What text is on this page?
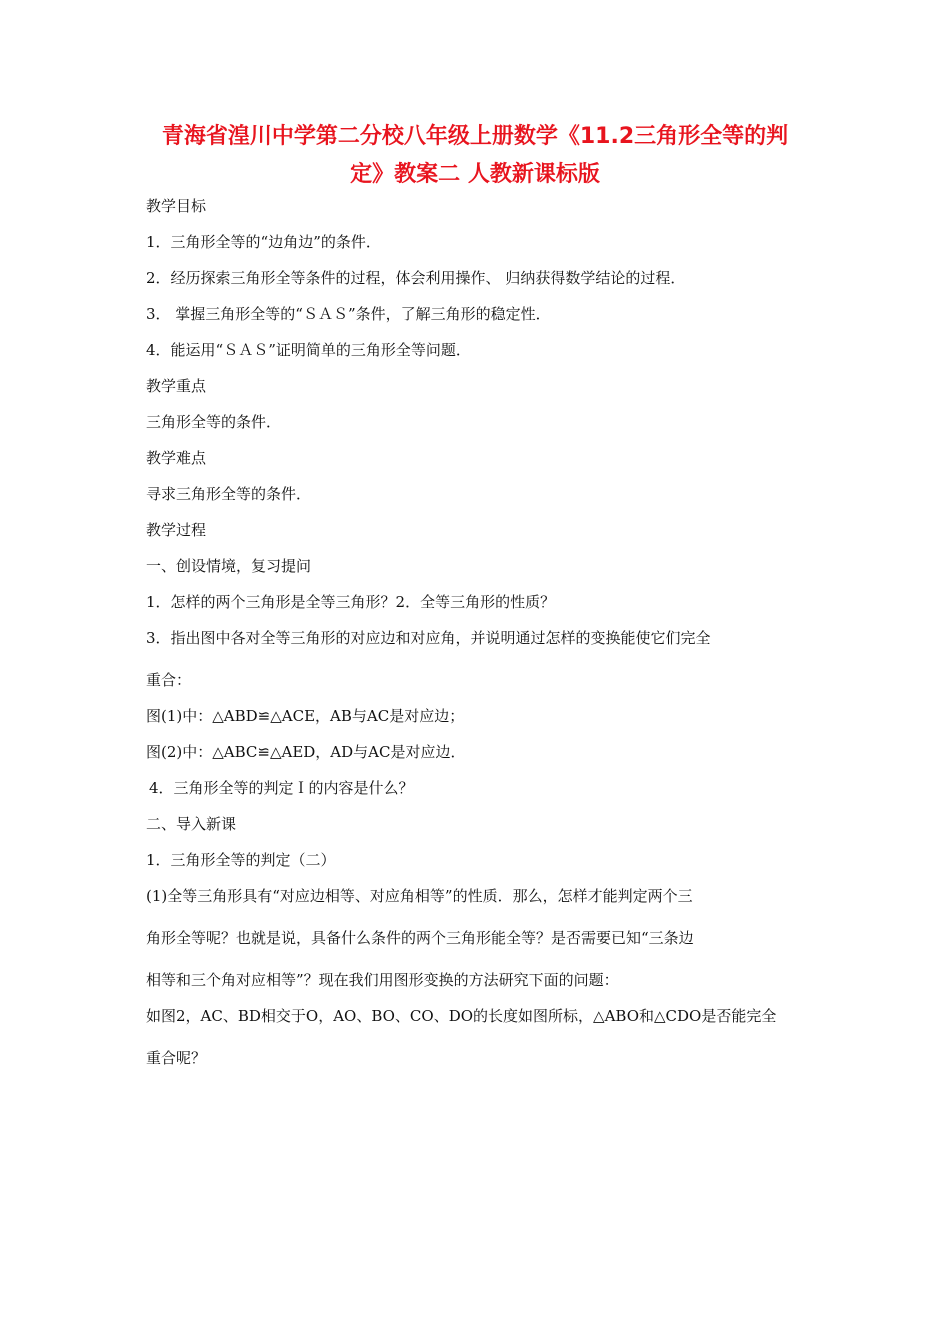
青海省湟川中学第二分校八年级上册数学《11.2三角形全等的判
定》教案二 人教新课标版
教学目标
1．三角形全等的“边角边”的条件．
2．经历探索三角形全等条件的过程，体会利用操作、 归纳获得数学结论的过程．
3． 掌握三角形全等的“ＳＡＳ”条件，了解三角形的稳定性．
4．能运用“ＳＡＳ”证明简单的三角形全等问题．
教学重点
三角形全等的条件．
教学难点
寻求三角形全等的条件．
教学过程
一、创设情境，复习提问
1．怎样的两个三角形是全等三角形？2．全等三角形的性质？
3．指出图中各对全等三角形的对应边和对应角，并说明通过怎样的变换能使它们完全
重合：
图(1)中：△ABD≌△ACE，AB与AC是对应边；
图(2)中：△ABC≌△AED，AD与AC是对应边．
4．三角形全等的判定Ｉ的内容是什么？
二、导入新课
1．三角形全等的判定（二）
(1)全等三角形具有“对应边相等、对应角相等”的性质．那么，怎样才能判定两个三
角形全等呢？也就是说，具备什么条件的两个三角形能全等？是否需要已知“三条边
相等和三个角对应相等”？现在我们用图形变换的方法研究下面的问题：
如图2，AC、BD相交于O，AO、BO、CO、DO的长度如图所标，△ABO和△CDO是否能完全
重合呢？
